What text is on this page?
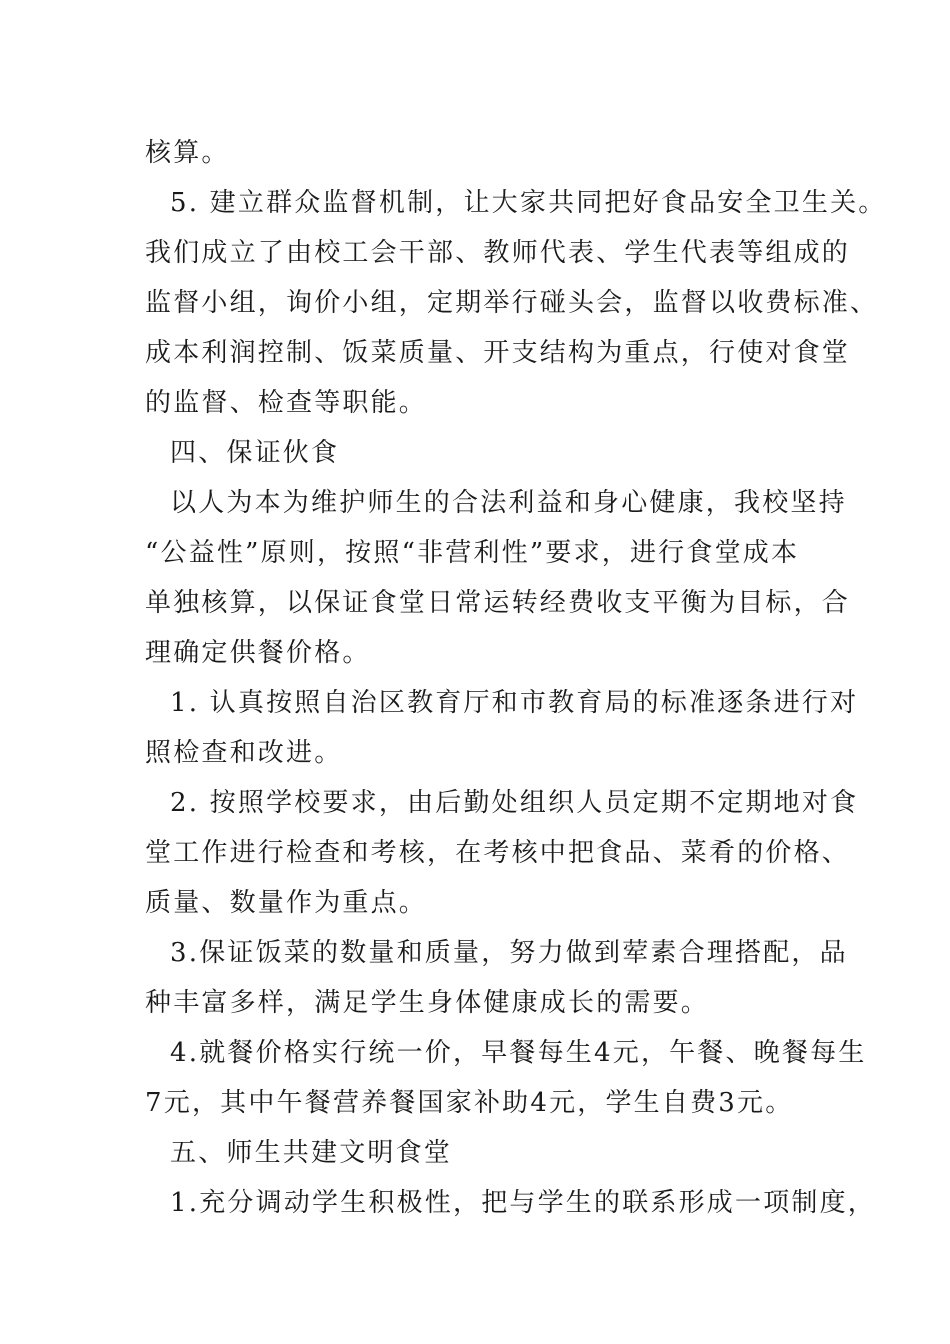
核算。
5. 建立群众监督机制，让大家共同把好食品安全卫生关。
我们成立了由校工会干部、教师代表、学生代表等组成的
监督小组，询价小组，定期举行碰头会，监督以收费标准、
成本利润控制、饭菜质量、开支结构为重点，行使对食堂
的监督、检查等职能。
四、保证伙食
以人为本为维护师生的合法利益和身心健康，我校坚持
“公益性”原则，按照“非营利性”要求，进行食堂成本
单独核算，以保证食堂日常运转经费收支平衡为目标，合
理确定供餐价格。
1. 认真按照自治区教育厅和市教育局的标准逐条进行对
照检查和改进。
2. 按照学校要求，由后勤处组织人员定期不定期地对食
堂工作进行检查和考核，在考核中把食品、菜肴的价格、
质量、数量作为重点。
3.保证饭菜的数量和质量，努力做到荤素合理搭配，品
种丰富多样，满足学生身体健康成长的需要。
4.就餐价格实行统一价，早餐每生4元，午餐、晚餐每生
7元，其中午餐营养餐国家补助4元，学生自费3元。
五、师生共建文明食堂
1.充分调动学生积极性，把与学生的联系形成一项制度，
